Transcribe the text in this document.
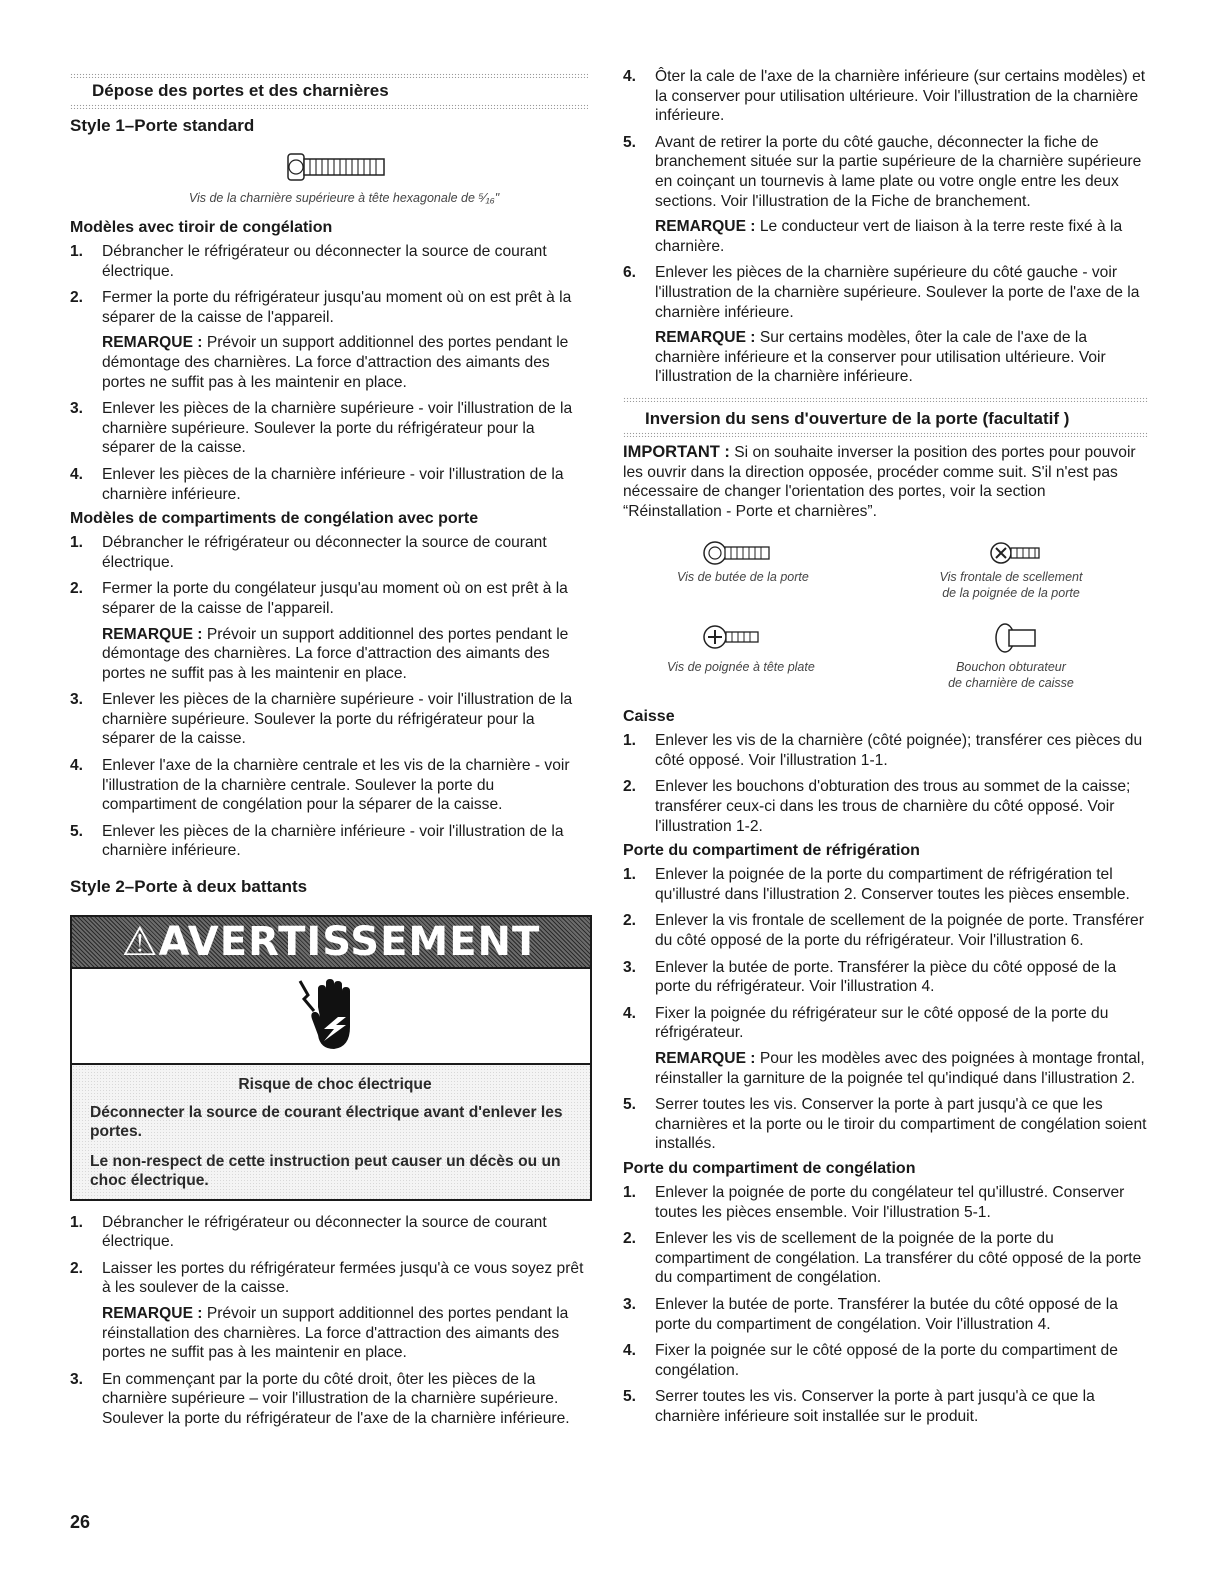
Dépose des portes et des charnières
Style 1–Porte standard
Vis de la charnière supérieure à tête hexagonale de ⁵⁄₁₆"
Modèles avec tiroir de congélation
1. Débrancher le réfrigérateur ou déconnecter la source de courant électrique.
2. Fermer la porte du réfrigérateur jusqu'au moment où on est prêt à la séparer de la caisse de l'appareil.
REMARQUE : Prévoir un support additionnel des portes pendant le démontage des charnières. La force d'attraction des aimants des portes ne suffit pas à les maintenir en place.
3. Enlever les pièces de la charnière supérieure - voir l'illustration de la charnière supérieure. Soulever la porte du réfrigérateur pour la séparer de la caisse.
4. Enlever les pièces de la charnière inférieure - voir l'illustration de la charnière inférieure.
Modèles de compartiments de congélation avec porte
1. Débrancher le réfrigérateur ou déconnecter la source de courant électrique.
2. Fermer la porte du congélateur jusqu'au moment où on est prêt à la séparer de la caisse de l'appareil.
REMARQUE : Prévoir un support additionnel des portes pendant le démontage des charnières. La force d'attraction des aimants des portes ne suffit pas à les maintenir en place.
3. Enlever les pièces de la charnière supérieure - voir l'illustration de la charnière supérieure. Soulever la porte du réfrigérateur pour la séparer de la caisse.
4. Enlever l'axe de la charnière centrale et les vis de la charnière - voir l'illustration de la charnière centrale. Soulever la porte du compartiment de congélation pour la séparer de la caisse.
5. Enlever les pièces de la charnière inférieure - voir l'illustration de la charnière inférieure.
Style 2–Porte à deux battants
⚠AVERTISSEMENT
Risque de choc électrique

Déconnecter la source de courant électrique avant d'enlever les portes.

Le non-respect de cette instruction peut causer un décès ou un choc électrique.

1. Débrancher le réfrigérateur ou déconnecter la source de courant électrique.
2. Laisser les portes du réfrigérateur fermées jusqu'à ce vous soyez prêt à les soulever de la caisse.
REMARQUE : Prévoir un support additionnel des portes pendant la réinstallation des charnières. La force d'attraction des aimants des portes ne suffit pas à les maintenir en place.
3. En commençant par la porte du côté droit, ôter les pièces de la charnière supérieure – voir l'illustration de la charnière supérieure. Soulever la porte du réfrigérateur de l'axe de la charnière inférieure.
4. Ôter la cale de l'axe de la charnière inférieure (sur certains modèles) et la conserver pour utilisation ultérieure. Voir l'illustration de la charnière inférieure.
5. Avant de retirer la porte du côté gauche, déconnecter la fiche de branchement située sur la partie supérieure de la charnière supérieure en coinçant un tournevis à lame plate ou votre ongle entre les deux sections. Voir l'illustration de la Fiche de branchement.
REMARQUE : Le conducteur vert de liaison à la terre reste fixé à la charnière.
6. Enlever les pièces de la charnière supérieure du côté gauche - voir l'illustration de la charnière supérieure. Soulever la porte de l'axe de la charnière inférieure.
REMARQUE : Sur certains modèles, ôter la cale de l'axe de la charnière inférieure et la conserver pour utilisation ultérieure. Voir l'illustration de la charnière inférieure.
Inversion du sens d'ouverture de la porte (facultatif )
IMPORTANT : Si on souhaite inverser la position des portes pour pouvoir les ouvrir dans la direction opposée, procéder comme suit. S'il n'est pas nécessaire de changer l'orientation des portes, voir la section “Réinstallation - Porte et charnières”.
Vis de butée de la porte	Vis frontale de scellement
de la poignée de la porte
Vis de poignée à tête plate	Bouchon obturateur
de charnière de caisse
Caisse
1. Enlever les vis de la charnière (côté poignée); transférer ces pièces du côté opposé. Voir l'illustration 1-1.
2. Enlever les bouchons d'obturation des trous au sommet de la caisse; transférer ceux-ci dans les trous de charnière du côté opposé. Voir l'illustration 1-2.
Porte du compartiment de réfrigération
1. Enlever la poignée de la porte du compartiment de réfrigération tel qu'illustré dans l'illustration 2. Conserver toutes les pièces ensemble.
2. Enlever la vis frontale de scellement de la poignée de porte. Transférer du côté opposé de la porte du réfrigérateur. Voir l'illustration 6.
3. Enlever la butée de porte. Transférer la pièce du côté opposé de la porte du réfrigérateur. Voir l'illustration 4.
4. Fixer la poignée du réfrigérateur sur le côté opposé de la porte du réfrigérateur.
REMARQUE : Pour les modèles avec des poignées à montage frontal, réinstaller la garniture de la poignée tel qu'indiqué dans l'illustration 2.
5. Serrer toutes les vis. Conserver la porte à part jusqu'à ce que les charnières et la porte ou le tiroir du compartiment de congélation soient installés.
Porte du compartiment de congélation
1. Enlever la poignée de porte du congélateur tel qu'illustré. Conserver toutes les pièces ensemble. Voir l'illustration 5-1.
2. Enlever les vis de scellement de la poignée de la porte du compartiment de congélation. La transférer du côté opposé de la porte du compartiment de congélation.
3. Enlever la butée de porte. Transférer la butée du côté opposé de la porte du compartiment de congélation. Voir l'illustration 4.
4. Fixer la poignée sur le côté opposé de la porte du compartiment de congélation.
5. Serrer toutes les vis. Conserver la porte à part jusqu'à ce que la charnière inférieure soit installée sur le produit.
26
